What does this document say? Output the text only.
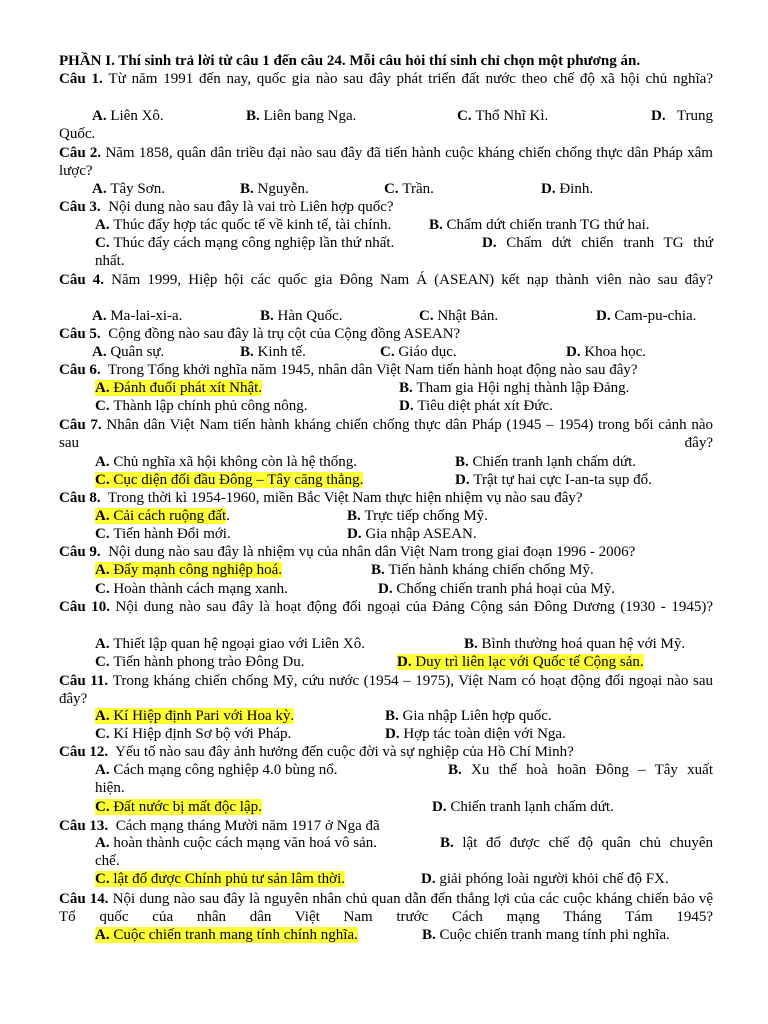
PHẦN I. Thí sinh trả lời từ câu 1 đến câu 24. Mỗi câu hỏi thí sinh chỉ chọn một phương án.
Câu 1. Từ năm 1991 đến nay, quốc gia nào sau đây phát triển đất nước theo chế độ xã hội chủ nghĩa?
A. Liên Xô.	B. Liên bang Nga.	C. Thổ Nhĩ Kì.	D. Trung
Quốc.
Câu 2. Năm 1858, quân dân triều đại nào sau đây đã tiến hành cuộc kháng chiến chống thực dân Pháp xâm lược?
A. Tây Sơn.	B. Nguyễn.	C. Trần.	D. Đinh.
Câu 3.  Nội dung nào sau đây là vai trò Liên hợp quốc?
A. Thúc đẩy hợp tác quốc tế về kinh tế, tài chính.	B. Chấm dứt chiến tranh TG thứ hai.
C. Thúc đẩy cách mạng công nghiệp lần thứ nhất.	D. Chấm dứt chiến tranh TG thứ
nhất.
Câu 4. Năm 1999, Hiệp hội các quốc gia Đông Nam Á (ASEAN) kết nạp thành viên nào sau đây?
A. Ma-lai-xi-a.	B. Hàn Quốc.	C. Nhật Bản.	D. Cam-pu-chia.
Câu 5.  Cộng đồng nào sau đây là trụ cột của Cộng đồng ASEAN?
A. Quân sự.	B. Kinh tế.	C. Giáo dục.	D. Khoa học.
Câu 6.  Trong Tổng khởi nghĩa năm 1945, nhân dân Việt Nam tiến hành hoạt động nào sau đây?
A. Đánh đuổi phát xít Nhật.	B. Tham gia Hội nghị thành lập Đảng.
C. Thành lập chính phủ công nông.	D. Tiêu diệt phát xít Đức.
Câu 7. Nhân dân Việt Nam tiến hành kháng chiến chống thực dân Pháp (1945 – 1954) trong bối cảnh nào sau đây?
A. Chủ nghĩa xã hội không còn là hệ thống.	B. Chiến tranh lạnh chấm dứt.
C. Cục diện đối đầu Đông – Tây căng thẳng.	D. Trật tự hai cực I-an-ta sụp đổ.
Câu 8.  Trong thời kì 1954-1960, miền Bắc Việt Nam thực hiện nhiệm vụ nào sau đây?
A. Cải cách ruộng đất.	B. Trực tiếp chống Mỹ.
C. Tiến hành Đổi mới.	D. Gia nhập ASEAN.
Câu 9.  Nội dung nào sau đây là nhiệm vụ của nhân dân Việt Nam trong giai đoạn 1996 - 2006?
A. Đẩy mạnh công nghiệp hoá.	B. Tiến hành kháng chiến chống Mỹ.
C. Hoàn thành cách mạng xanh.	D. Chống chiến tranh phá hoại của Mỹ.
Câu 10. Nội dung nào sau đây là hoạt động đối ngoại của Đảng Cộng sản Đông Dương (1930 - 1945)?
A. Thiết lập quan hệ ngoại giao với Liên Xô.	B. Bình thường hoá quan hệ với Mỹ.
C. Tiến hành phong trào Đông Du.	D. Duy trì liên lạc với Quốc tế Cộng sản.
Câu 11. Trong kháng chiến chống Mỹ, cứu nước (1954 – 1975), Việt Nam có hoạt động đối ngoại nào sau đây?
A. Kí Hiệp định Pari với Hoa kỳ.	B. Gia nhập Liên hợp quốc.
C. Kí Hiệp định Sơ bộ với Pháp.	D. Hợp tác toàn diện với Nga.
Câu 12.  Yếu tố nào sau đây ảnh hưởng đến cuộc đời và sự nghiệp của Hồ Chí Minh?
A. Cách mạng công nghiệp 4.0 bùng nổ.	B. Xu thế hoà hoãn Đông – Tây xuất
hiện.
C. Đất nước bị mất độc lập.	D. Chiến tranh lạnh chấm dứt.
Câu 13.  Cách mạng tháng Mười năm 1917 ở Nga đã
A. hoàn thành cuộc cách mạng văn hoá vô sản.	B. lật đổ được chế độ quân chủ chuyên
chế.
C. lật đổ được Chính phủ tư sản lâm thời.	D. giải phóng loài người khỏi chế độ FX.
Câu 14. Nội dung nào sau đây là nguyên nhân chủ quan dẫn đến thắng lợi của các cuộc kháng chiến bảo vệ Tổ quốc của nhân dân Việt Nam trước Cách mạng Tháng Tám 1945?
A. Cuộc chiến tranh mang tính chính nghĩa.	B. Cuộc chiến tranh mang tính phi nghĩa.
